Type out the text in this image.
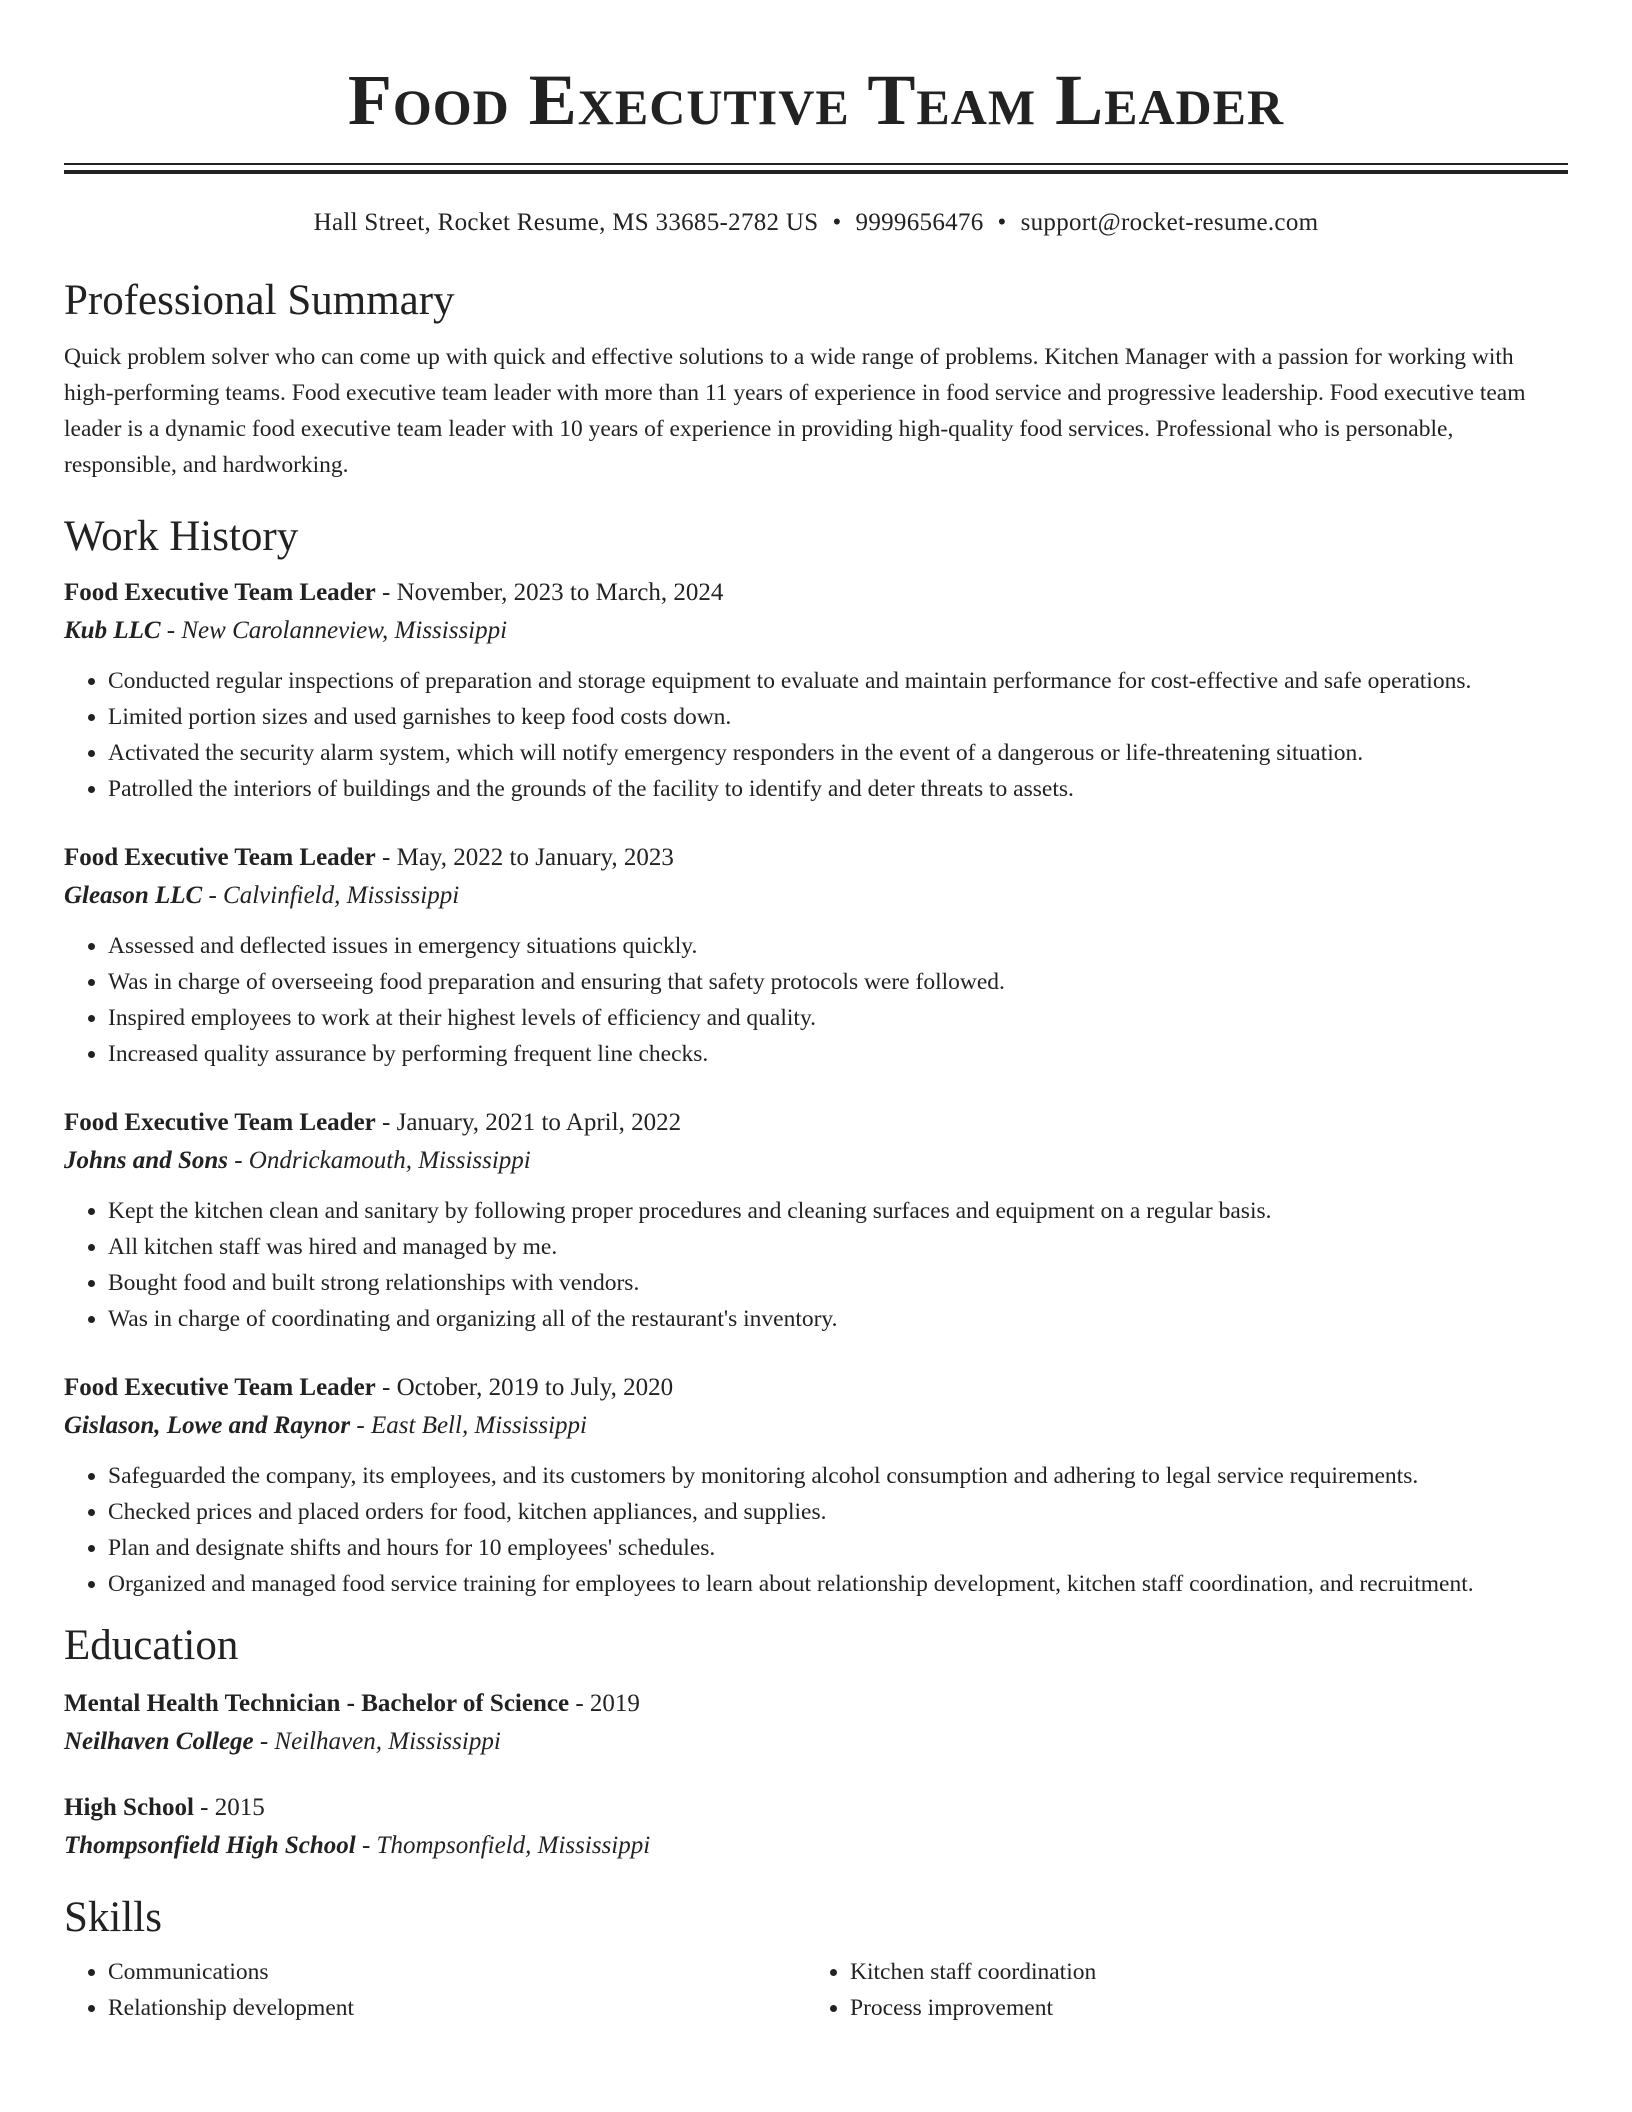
Food Executive Team Leader
Hall Street, Rocket Resume, MS 33685-2782 US • 9999656476 • support@rocket-resume.com
Professional Summary

Quick problem solver who can come up with quick and effective solutions to a wide range of problems. Kitchen Manager with a passion for working with high-performing teams. Food executive team leader with more than 11 years of experience in food service and progressive leadership. Food executive team leader is a dynamic food executive team leader with 10 years of experience in providing high-quality food services. Professional who is personable, responsible, and hardworking.

Work History

Food Executive Team Leader - November, 2023 to March, 2024

Kub LLC - New Carolanneview, Mississippi

• Conducted regular inspections of preparation and storage equipment to evaluate and maintain performance for cost-effective and safe operations.
• Limited portion sizes and used garnishes to keep food costs down.
• Activated the security alarm system, which will notify emergency responders in the event of a dangerous or life-threatening situation.
• Patrolled the interiors of buildings and the grounds of the facility to identify and deter threats to assets.

Food Executive Team Leader - May, 2022 to January, 2023

Gleason LLC - Calvinfield, Mississippi

• Assessed and deflected issues in emergency situations quickly.
• Was in charge of overseeing food preparation and ensuring that safety protocols were followed.
• Inspired employees to work at their highest levels of efficiency and quality.
• Increased quality assurance by performing frequent line checks.

Food Executive Team Leader - January, 2021 to April, 2022

Johns and Sons - Ondrickamouth, Mississippi

• Kept the kitchen clean and sanitary by following proper procedures and cleaning surfaces and equipment on a regular basis.
• All kitchen staff was hired and managed by me.
• Bought food and built strong relationships with vendors.
• Was in charge of coordinating and organizing all of the restaurant's inventory.

Food Executive Team Leader - October, 2019 to July, 2020

Gislason, Lowe and Raynor - East Bell, Mississippi

• Safeguarded the company, its employees, and its customers by monitoring alcohol consumption and adhering to legal service requirements.
• Checked prices and placed orders for food, kitchen appliances, and supplies.
• Plan and designate shifts and hours for 10 employees' schedules.
• Organized and managed food service training for employees to learn about relationship development, kitchen staff coordination, and recruitment.
Education

Mental Health Technician - Bachelor of Science - 2019

Neilhaven College - Neilhaven, Mississippi

High School - 2015

Thompsonfield High School - Thompsonfield, Mississippi

Skills
• Communications
• Relationship development
• Kitchen staff coordination
• Process improvement
